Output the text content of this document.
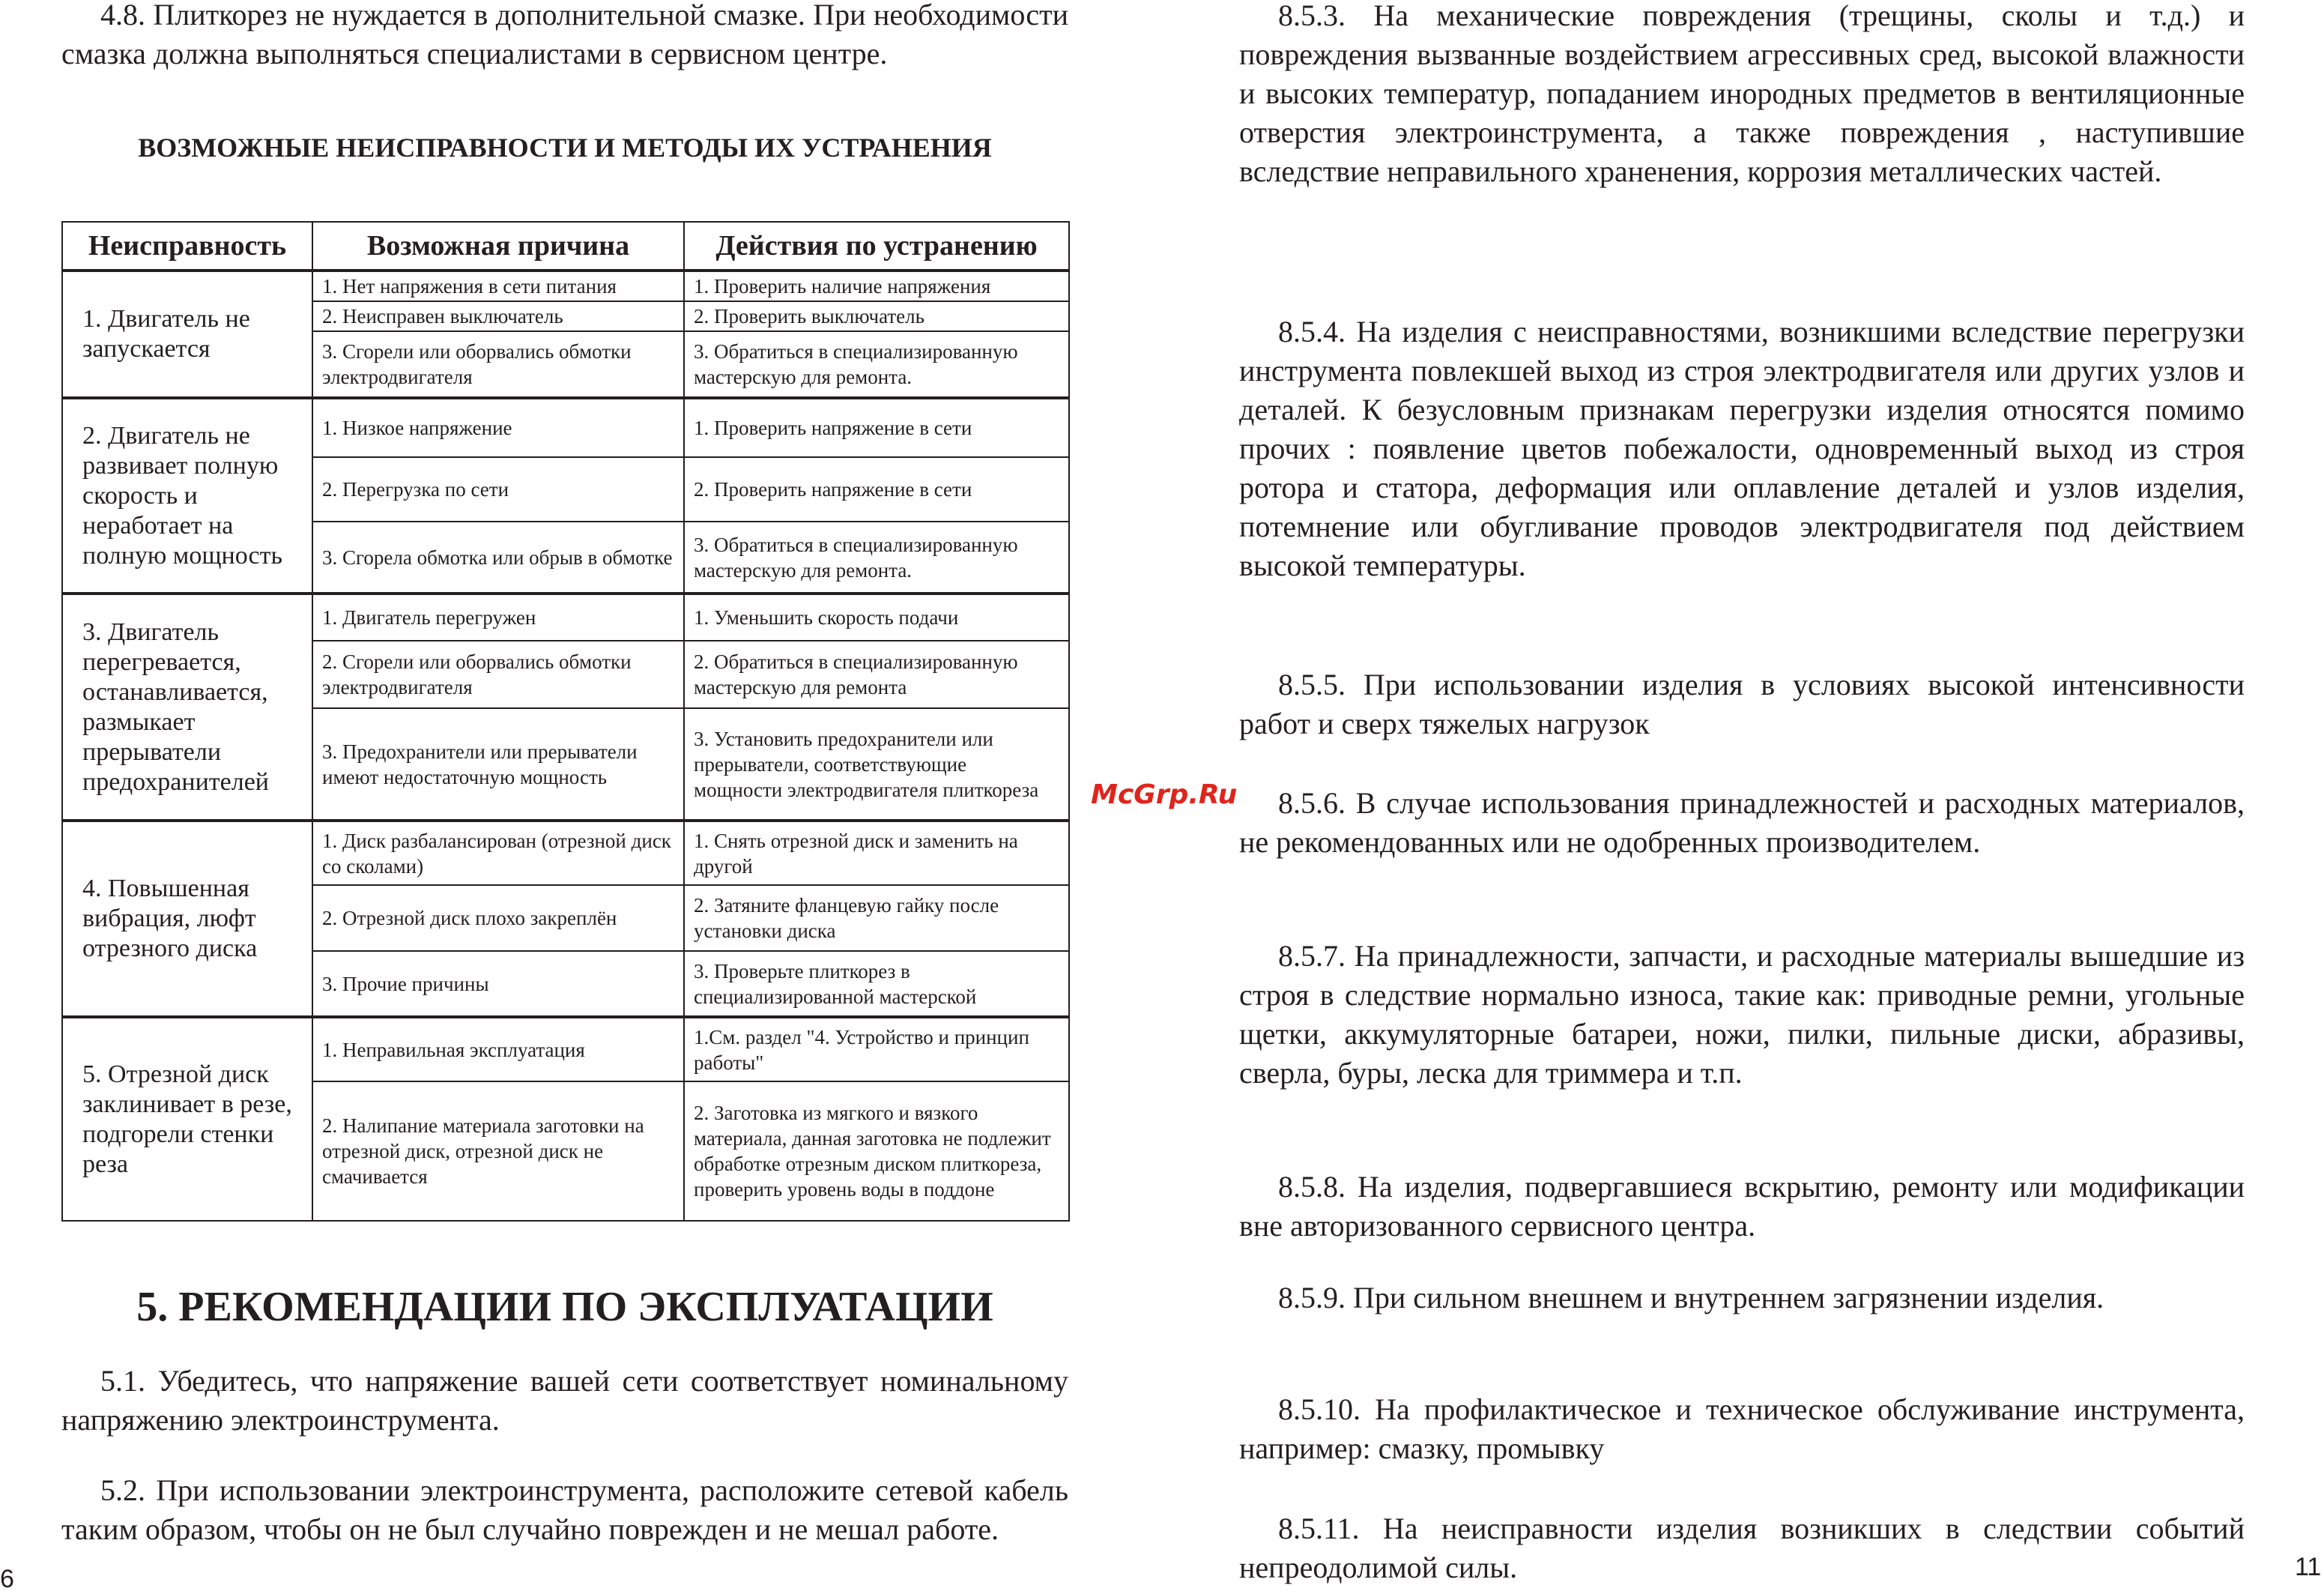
4.8. Плиткорез не нуждается в дополнительной смазке. При необходимости смазка должна выполняться специалистами в сервисном центре.

ВОЗМОЖНЫЕ НЕИСПРАВНОСТИ И МЕТОДЫ ИХ УСТРАНЕНИЯ
Неисправность	Возможная причина	Действия по устранению
1. Двигатель не запускается	1. Нет напряжения в сети питания	1. Проверить наличие напряжения
	2. Неисправен выключатель	2. Проверить выключатель
	3. Сгорели или оборвались обмотки электродвигателя	3. Обратиться в специализированную мастерскую для ремонта.
2. Двигатель не развивает полную скорость и неработает на полную мощность	1. Низкое напряжение	1. Проверить напряжение в сети
	2. Перегрузка по сети	2. Проверить напряжение в сети
	3. Сгорела обмотка или обрыв в обмотке	3. Обратиться в специализированную мастерскую для ремонта.
3. Двигатель перегревается, останавливается, размыкает прерыватели предохранителей	1. Двигатель перегружен	1. Уменьшить скорость подачи
	2. Сгорели или оборвались обмотки электродвигателя	2. Обратиться в специализированную мастерскую для ремонта
	3. Предохранители или прерыватели имеют недостаточную мощность	3. Установить предохранители или прерыватели, соответствующие мощности электродвигателя плиткореза
4. Повышенная вибрация, люфт отрезного диска	1. Диск разбалансирован (отрезной диск со сколами)	1. Снять отрезной диск и заменить на другой
	2. Отрезной диск плохо закреплён	2. Затяните фланцевую гайку после установки диска
	3. Прочие причины	3. Проверьте плиткорез в специализированной мастерской
5. Отрезной диск заклинивает в резе, подгорели стенки реза	1. Неправильная эксплуатация	1.См. раздел "4. Устройство и принцип работы"
	2. Налипание материала заготовки на отрезной диск, отрезной диск не смачивается	2. Заготовка из мягкого и вязкого материала, данная заготовка не подлежит обработке отрезным диском плиткореза, проверить уровень воды в поддоне
5. РЕКОМЕНДАЦИИ ПО ЭКСПЛУАТАЦИИ

5.1. Убедитесь, что напряжение вашей сети соответствует номинальному напряжению электроинструмента.

5.2. При использовании электроинструмента, расположите сетевой кабель таким образом, чтобы он не был случайно поврежден и не мешал работе.

6
McGrp.Ru

8.5.3. На механические повреждения (трещины, сколы и т.д.) и повреждения вызванные воздействием агрессивных сред, высокой влажности и высоких температур, попаданием инородных предметов в вентиляционные отверстия электроинструмента, а также повреждения , наступившие вследствие неправильного храненения, коррозия металлических частей.

8.5.4. На изделия с неисправностями, возникшими вследствие перегрузки инструмента повлекшей выход из строя электродвигателя или других узлов и деталей. К безусловным признакам перегрузки изделия относятся помимо прочих : появление цветов побежалости, одновременный выход из строя ротора и статора, деформация или оплавление деталей и узлов изделия, потемнение или обугливание проводов электродвигателя под действием высокой температуры.

8.5.5. При использовании изделия в условиях высокой интенсивности работ и сверх тяжелых нагрузок

8.5.6. В случае использования принадлежностей и расходных материалов, не рекомендованных или не одобренных производителем.

8.5.7. На принадлежности, запчасти, и расходные материалы вышедшие из строя в следствие нормально износа, такие как: приводные ремни, угольные щетки, аккумуляторные батареи, ножи, пилки, пильные диски, абразивы, сверла, буры, леска для триммера и т.п.

8.5.8. На изделия, подвергавшиеся вскрытию, ремонту или модификации вне авторизованного сервисного центра.

8.5.9. При сильном внешнем и внутреннем загрязнении изделия.

8.5.10. На профилактическое и техническое обслуживание инструмента, например: смазку, промывку

8.5.11. На неисправности изделия возникших в следствии событий непреодолимой силы.	11
